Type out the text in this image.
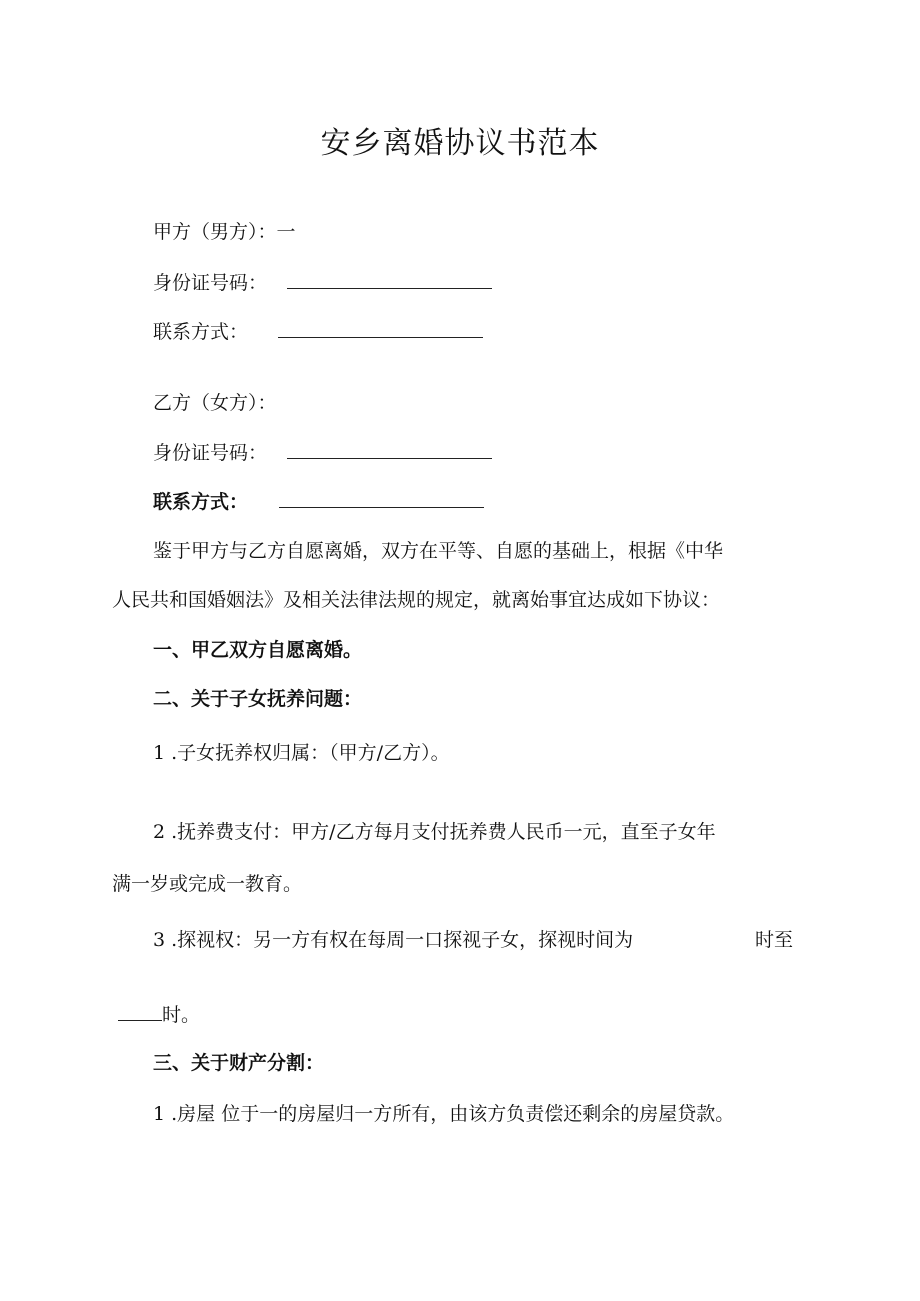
安乡离婚协议书范本
甲方（男方）：一
身份证号码：
联系方式：
乙方（女方）：
身份证号码：
联系方式：
鉴于甲方与乙方自愿离婚，双方在平等、自愿的基础上，根据《中华
人民共和国婚姻法》及相关法律法规的规定，就离始事宜达成如下协议：
一、甲乙双方自愿离婚。
二、关于子女抚养问题：
1 .子女抚养权归属：（甲方/乙方）。
2 .抚养费支付：甲方/乙方每月支付抚养费人民币一元，直至子女年
满一岁或完成一教育。
3 .探视权：另一方有权在每周一口探视子女，探视时间为	时至
时。
三、关于财产分割：
1 .房屋 位于一的房屋归一方所有，由该方负责偿还剩余的房屋贷款。
